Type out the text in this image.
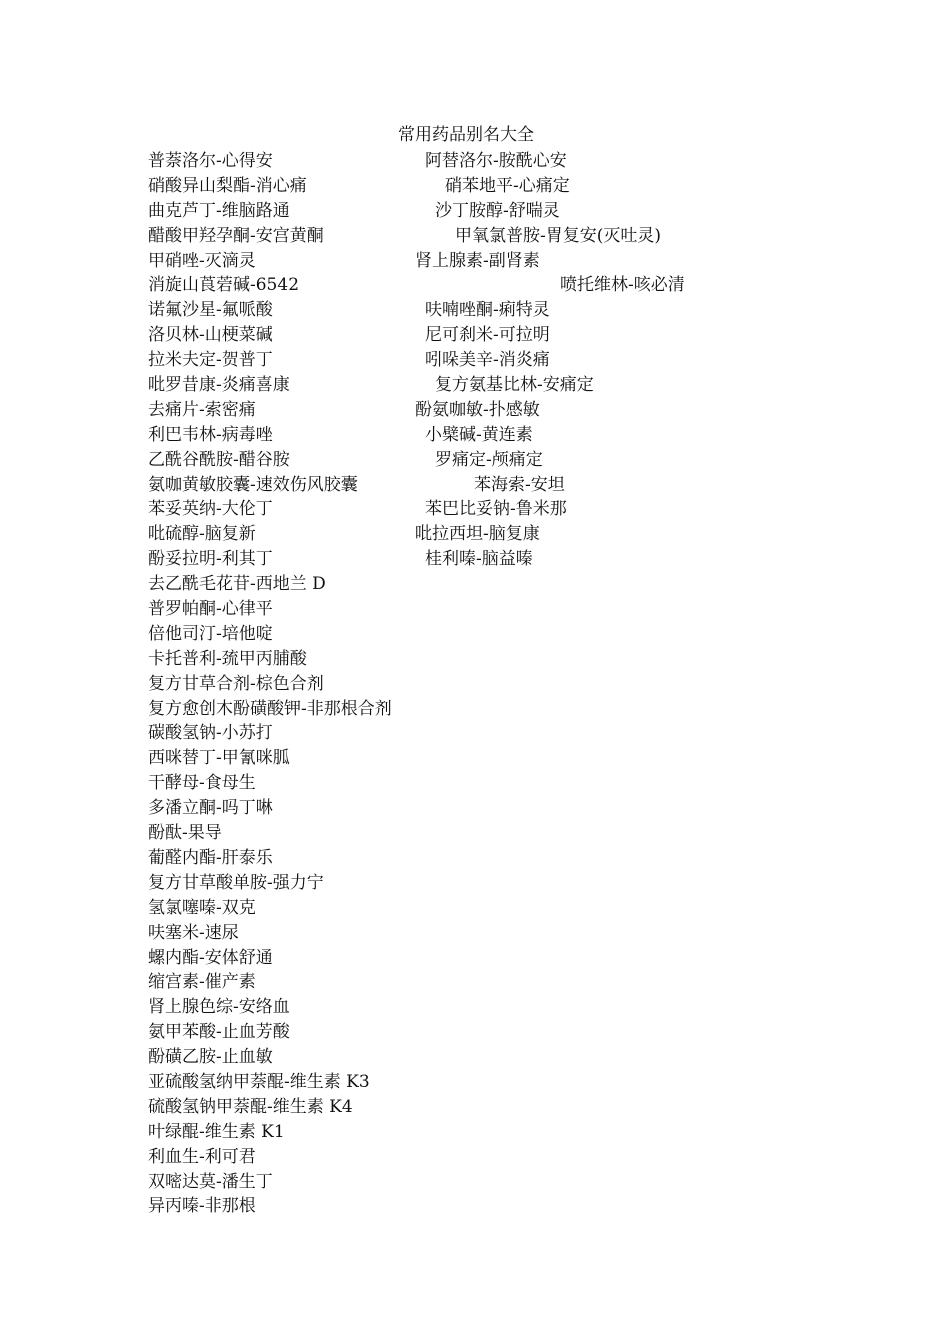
常用药品别名大全
普萘洛尔-心得安	阿替洛尔-胺酰心安
硝酸异山梨酯-消心痛	硝苯地平-心痛定
曲克芦丁-维脑路通	沙丁胺醇-舒喘灵
醋酸甲羟孕酮-安宫黄酮	甲氧氯普胺-胃复安(灭吐灵)
甲硝唑-灭滴灵	肾上腺素-副肾素
消旋山莨菪碱-6542	喷托维林-咳必清
诺氟沙星-氟哌酸	呋喃唑酮-痢特灵
洛贝林-山梗菜碱	尼可刹米-可拉明
拉米夫定-贺普丁	吲哚美辛-消炎痛
吡罗昔康-炎痛喜康	复方氨基比林-安痛定
去痛片-索密痛	酚氨咖敏-扑感敏
利巴韦林-病毒唑	小檗碱-黄连素
乙酰谷酰胺-醋谷胺	罗痛定-颅痛定
氨咖黄敏胶囊-速效伤风胶囊	苯海索-安坦
苯妥英纳-大伦丁	苯巴比妥钠-鲁米那
吡硫醇-脑复新	吡拉西坦-脑复康
酚妥拉明-利其丁	桂利嗪-脑益嗪
去乙酰毛花苷-西地兰 D
普罗帕酮-心律平
倍他司汀-培他啶
卡托普利-巯甲丙脯酸
复方甘草合剂-棕色合剂
复方愈创木酚磺酸钾-非那根合剂
碳酸氢钠-小苏打
西咪替丁-甲氰咪胍
干酵母-食母生
多潘立酮-吗丁啉
酚酞-果导
葡醛内酯-肝泰乐
复方甘草酸单胺-强力宁
氢氯噻嗪-双克
呋塞米-速尿
螺内酯-安体舒通
缩宫素-催产素
肾上腺色综-安络血
氨甲苯酸-止血芳酸
酚磺乙胺-止血敏
亚硫酸氢纳甲萘醌-维生素 K3
硫酸氢钠甲萘醌-维生素 K4
叶绿醌-维生素 K1
利血生-利可君
双嘧达莫-潘生丁
异丙嗪-非那根
